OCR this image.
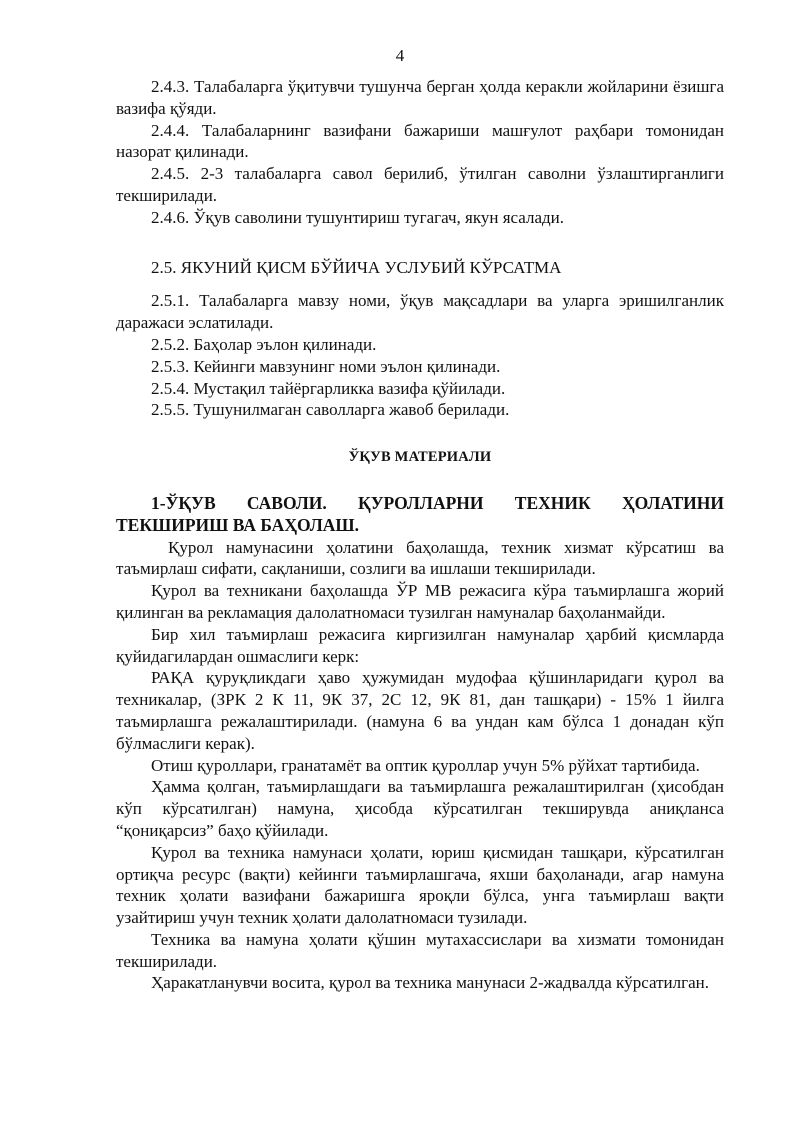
4

2.4.3. Талабаларга ўқитувчи тушунча берган ҳолда керакли жойларини ёзишга вазифа қўяди.

2.4.4. Талабаларнинг вазифани бажариши машғулот раҳбари томонидан назорат қилинади.

2.4.5. 2-3 талабаларга савол берилиб, ўтилган саволни ўзлаштирганлиги текширилади.

2.4.6. Ўқув саволини тушунтириш тугагач, якун ясалади.

2.5. ЯКУНИЙ ҚИСМ БЎЙИЧА УСЛУБИЙ КЎРСАТМА

2.5.1. Талабаларга мавзу номи, ўқув мақсадлари ва уларга эришилганлик даражаси эслатилади.

2.5.2. Баҳолар эълон қилинади.

2.5.3. Кейинги мавзунинг номи эълон қилинади.

2.5.4. Мустақил тайёргарликка вазифа қўйилади.

2.5.5. Тушунилмаган саволларга жавоб берилади.

ЎҚУВ МАТЕРИАЛИ

1-ЎҚУВ САВОЛИ. ҚУРОЛЛАРНИ ТЕХНИК ҲОЛАТИНИ ТЕКШИРИШ ВА БАҲОЛАШ.

Қурол намунасини ҳолатини баҳолашда, техник хизмат кўрсатиш ва таъмирлаш сифати, сақланиши, созлиги ва ишлаши текширилади.

Қурол ва техникани баҳолашда ЎР МВ режасига кўра таъмирлашга жорий қилинган ва рекламация далолатномаси тузилган намуналар баҳоланмайди.

Бир хил таъмирлаш режасига киргизилган намуналар ҳарбий қисмларда қуйидагилардан ошмаслиги керк:

РАҚА қуруқликдаги ҳаво ҳужумидан мудофаа қўшинларидаги қурол ва техникалар, (ЗРК 2 К 11, 9К 37, 2С 12, 9К 81, дан ташқари) - 15% 1 йилга таъмирлашга режалаштирилади. (намуна 6 ва ундан кам бўлса 1 донадан кўп бўлмаслиги керак).

Отиш қуроллари, гранатамёт ва оптик қуроллар учун 5% рўйхат тартибида.

Ҳамма қолган, таъмирлашдаги ва таъмирлашга режалаштирилган (ҳисобдан кўп кўрсатилган) намуна, ҳисобда кўрсатилган текширувда аниқланса “қониқарсиз” баҳо қўйилади.

Қурол ва техника намунаси ҳолати, юриш қисмидан ташқари, кўрсатилган ортиқча ресурс (вақти) кейинги таъмирлашгача, яхши баҳоланади, агар намуна техник ҳолати вазифани бажаришга яроқли бўлса, унга таъмирлаш вақти узайтириш учун техник ҳолати далолатномаси тузилади.

Техника ва намуна ҳолати қўшин мутахассислари ва хизмати томонидан текширилади.

Ҳаракатланувчи восита, қурол ва техника манунаси 2-жадвалда кўрсатилган.
